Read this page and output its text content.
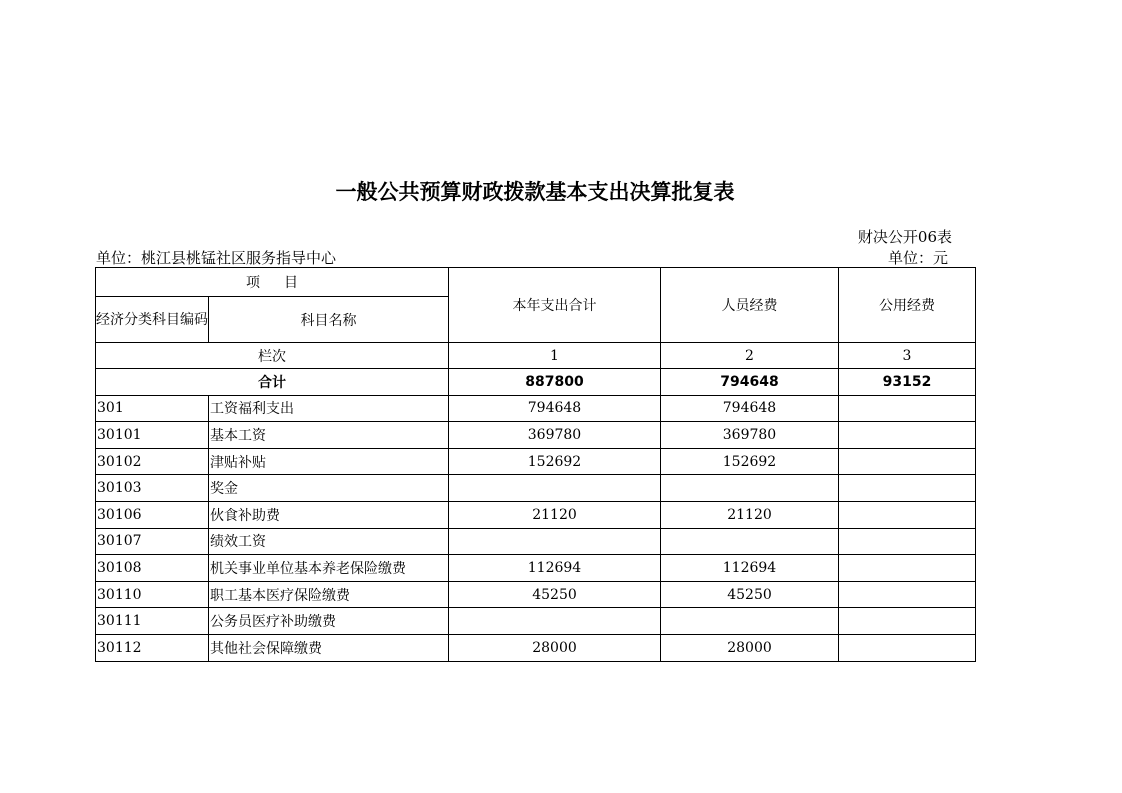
一般公共预算财政拨款基本支出决算批复表
财决公开06表
单位：桃江县桃锰社区服务指导中心	单位：元
项目		本年支出合计	人员经费	公用经费
经济分类科目编码	科目名称			
栏次		1	2	3
合计		887800	794648	93152
301	工资福利支出	794648	794648	
30101	基本工资	369780	369780	
30102	津贴补贴	152692	152692	
30103	奖金			
30106	伙食补助费	21120	21120	
30107	绩效工资			
30108	机关事业单位基本养老保险缴费	112694	112694	
30110	职工基本医疗保险缴费	45250	45250	
30111	公务员医疗补助缴费			
30112	其他社会保障缴费	28000	28000	
